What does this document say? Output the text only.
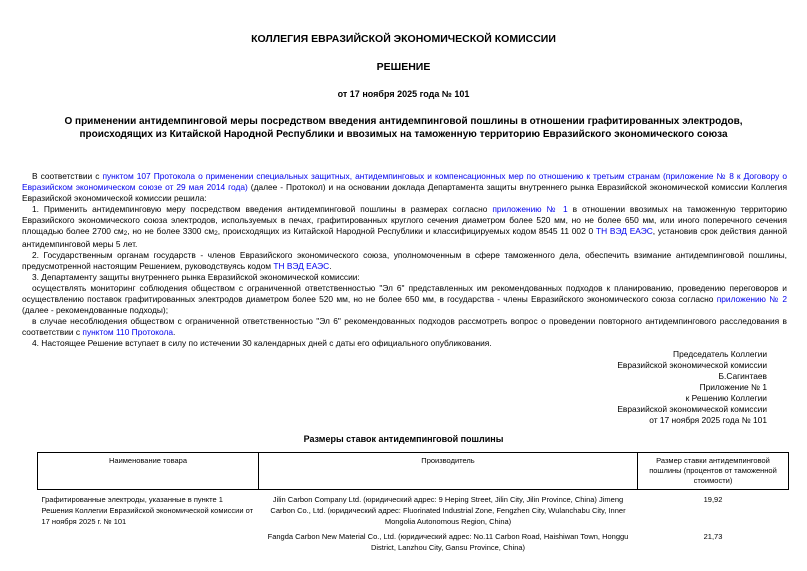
КОЛЛЕГИЯ ЕВРАЗИЙСКОЙ ЭКОНОМИЧЕСКОЙ КОМИССИИ
РЕШЕНИЕ
от 17 ноября 2025 года № 101
О применении антидемпинговой меры посредством введения антидемпинговой пошлины в отношении графитированных электродов, происходящих из Китайской Народной Республики и ввозимых на таможенную территорию Евразийского экономического союза

В соответствии с пунктом 107 Протокола о применении специальных защитных, антидемпинговых и компенсационных мер по отношению к третьим странам (приложение № 8 к Договору о Евразийском экономическом союзе от 29 мая 2014 года) (далее - Протокол) и на основании доклада Департамента защиты внутреннего рынка Евразийской экономической комиссии Коллегия Евразийской экономической комиссии решила:

1. Применить антидемпинговую меру посредством введения антидемпинговой пошлины в размерах согласно приложению № 1 в отношении ввозимых на таможенную территорию Евразийского экономического союза электродов, используемых в печах, графитированных круглого сечения диаметром более 520 мм, но не более 650 мм, или иного поперечного сечения площадью более 2700 см2, но не более 3300 см2, происходящих из Китайской Народной Республики и классифицируемых кодом 8545 11 002 0 ТН ВЭД ЕАЭС, установив срок действия данной антидемпинговой меры 5 лет.

2. Государственным органам государств - членов Евразийского экономического союза, уполномоченным в сфере таможенного дела, обеспечить взимание антидемпинговой пошлины, предусмотренной настоящим Решением, руководствуясь кодом ТН ВЭД ЕАЭС.

3. Департаменту защиты внутреннего рынка Евразийской экономической комиссии:

осуществлять мониторинг соблюдения обществом с ограниченной ответственностью "Эл 6" представленных им рекомендованных подходов к планированию, проведению переговоров и осуществлению поставок графитированных электродов диаметром более 520 мм, но не более 650 мм, в государства - члены Евразийского экономического союза согласно приложению № 2 (далее - рекомендованные подходы);

в случае несоблюдения обществом с ограниченной ответственностью "Эл 6" рекомендованных подходов рассмотреть вопрос о проведении повторного антидемпингового расследования в соответствии с пунктом 110 Протокола.

4. Настоящее Решение вступает в силу по истечении 30 календарных дней с даты его официального опубликования.

Председатель Коллегии
Евразийской экономической комиссии
Б.Сагинтаев
Приложение № 1
к Решению Коллегии
Евразийской экономической комиссии
от 17 ноября 2025 года № 101
Размеры ставок антидемпинговой пошлины
Наименование товара	Производитель	Размер ставки антидемпинговой пошлины (процентов от таможенной стоимости)
Графитированные электроды, указанные в пункте 1 Решения Коллегии Евразийской экономической комиссии от 17 ноября 2025 г. № 101	Jilin Carbon Company Ltd. (юридический адрес: 9 Heping Street, Jilin City, Jilin Province, China) Jimeng Carbon Co., Ltd. (юридический адрес: Fluorinated Industrial Zone, Fengzhen City, Wulanchabu City, Inner Mongolia Autonomous Region, China)	19,92
	Fangda Carbon New Material Co., Ltd. (юридический адрес: No.11 Carbon Road, Haishiwan Town, Honggu District, Lanzhou City, Gansu Province, China)	21,73
